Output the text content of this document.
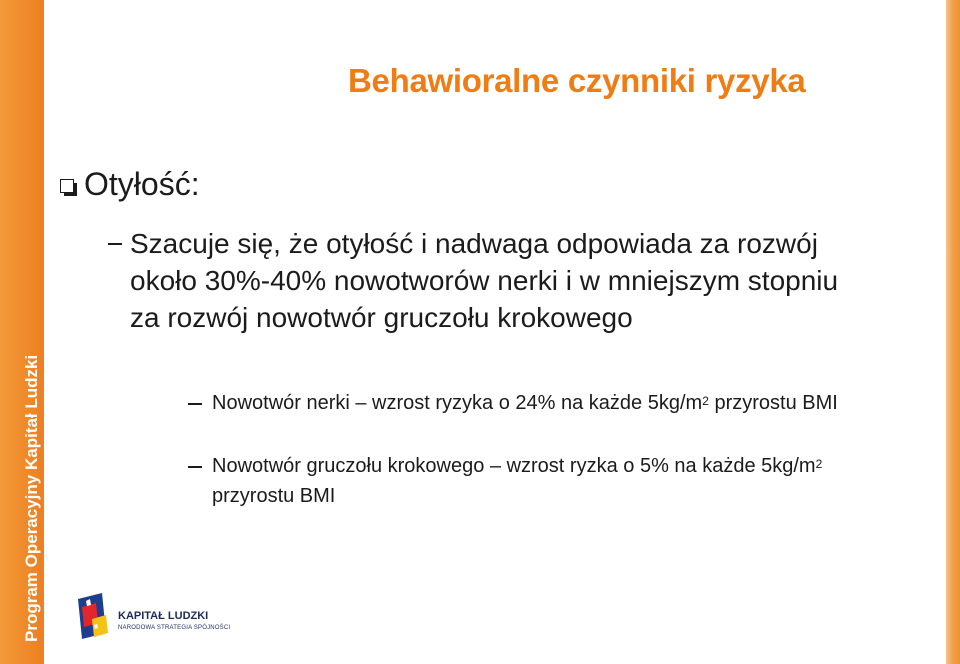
Program Operacyjny Kapitał Ludzki
Behawioralne czynniki ryzyka
Otyłość:
Szacuje się, że otyłość i nadwaga odpowiada za rozwój około 30%-40% nowotworów nerki i w mniejszym stopniu za rozwój nowotwór gruczołu krokowego
Nowotwór nerki – wzrost ryzyka o 24% na każde $5kg/m^2$ przyrostu BMI
Nowotwór gruczołu krokowego – wzrost ryzka o 5% na każde $5kg/m^2$ przyrostu BMI
KAPITAŁ LUDZKI
NARODOWA STRATEGIA SPÓJNOŚCI
